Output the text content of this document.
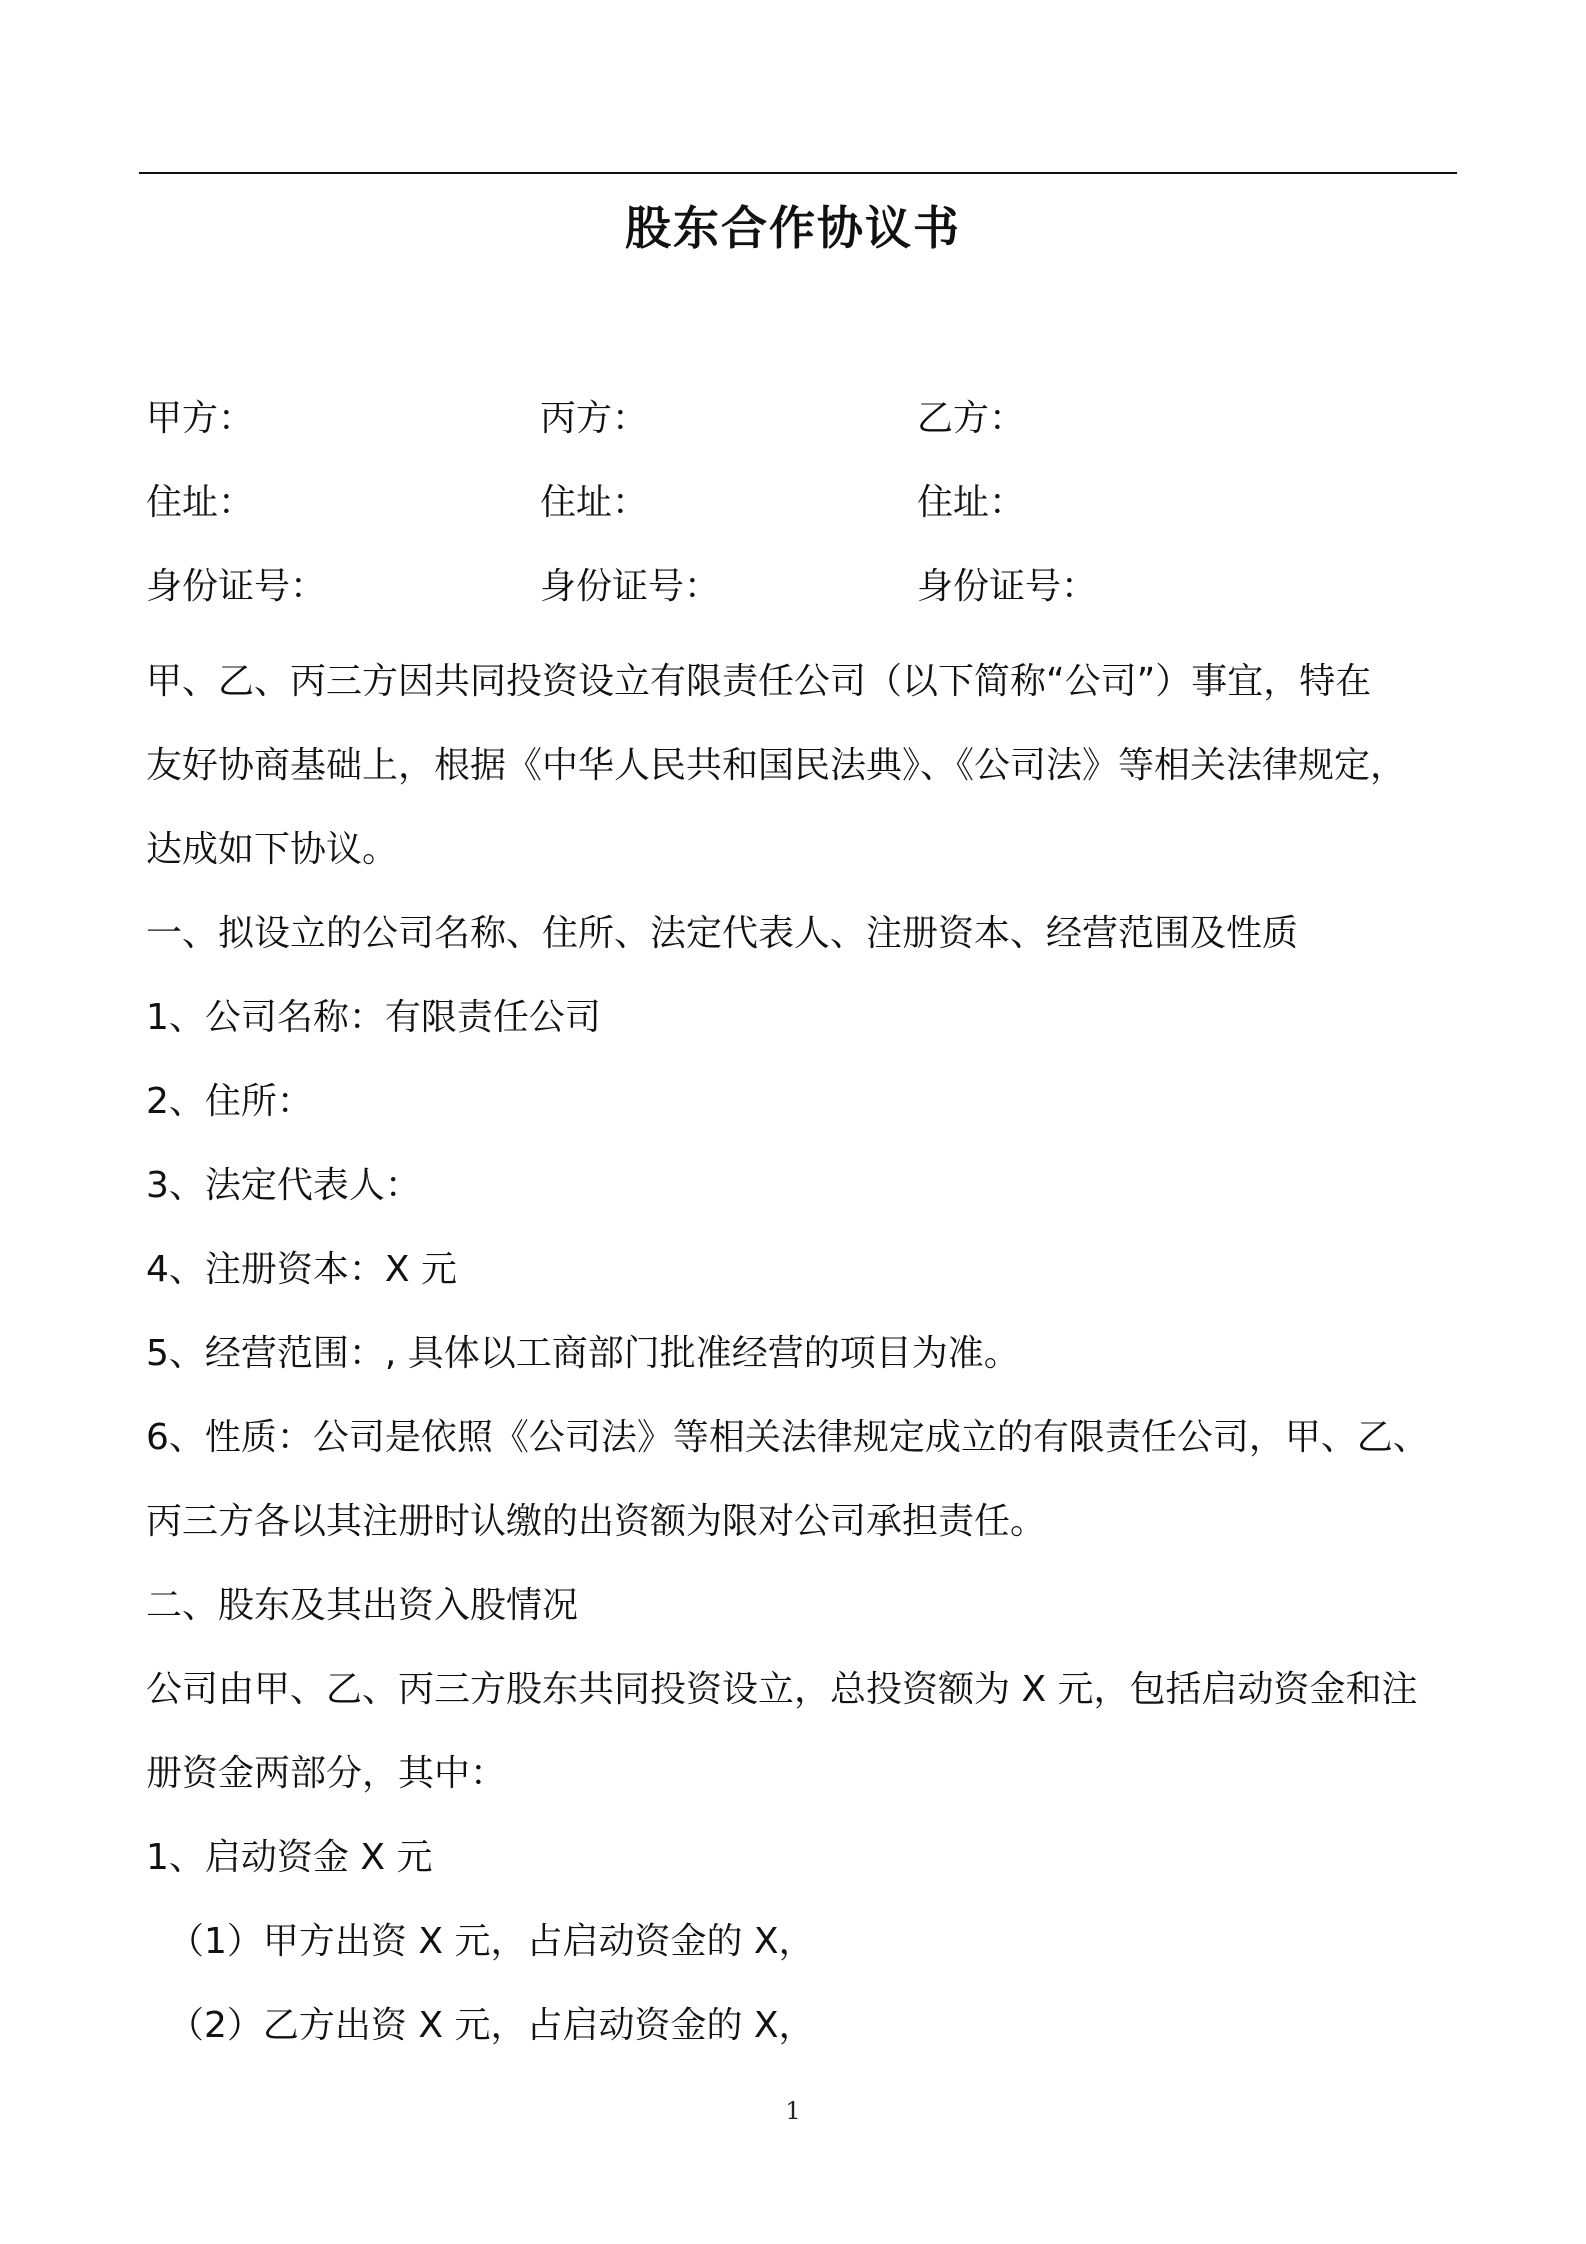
股东合作协议书
甲方：	丙方：	乙方：
住址：	住址：	住址：
身份证号：	身份证号：	身份证号：

甲、乙、丙三方因共同投资设立有限责任公司（以下简称“公司”）事宜，特在

友好协商基础上，根据《中华人民共和国民法典》、《公司法》等相关法律规定，

达成如下协议。

一、拟设立的公司名称、住所、法定代表人、注册资本、经营范围及性质

1、公司名称：有限责任公司

2、住所：

3、法定代表人：

4、注册资本：X 元

5、经营范围：, 具体以工商部门批准经营的项目为准。

6、性质：公司是依照《公司法》等相关法律规定成立的有限责任公司，甲、乙、

丙三方各以其注册时认缴的出资额为限对公司承担责任。

二、股东及其出资入股情况

公司由甲、乙、丙三方股东共同投资设立，总投资额为 X 元，包括启动资金和注

册资金两部分，其中：

1、启动资金 X 元

（1）甲方出资 X 元，占启动资金的 X，

（2）乙方出资 X 元，占启动资金的 X，

1
